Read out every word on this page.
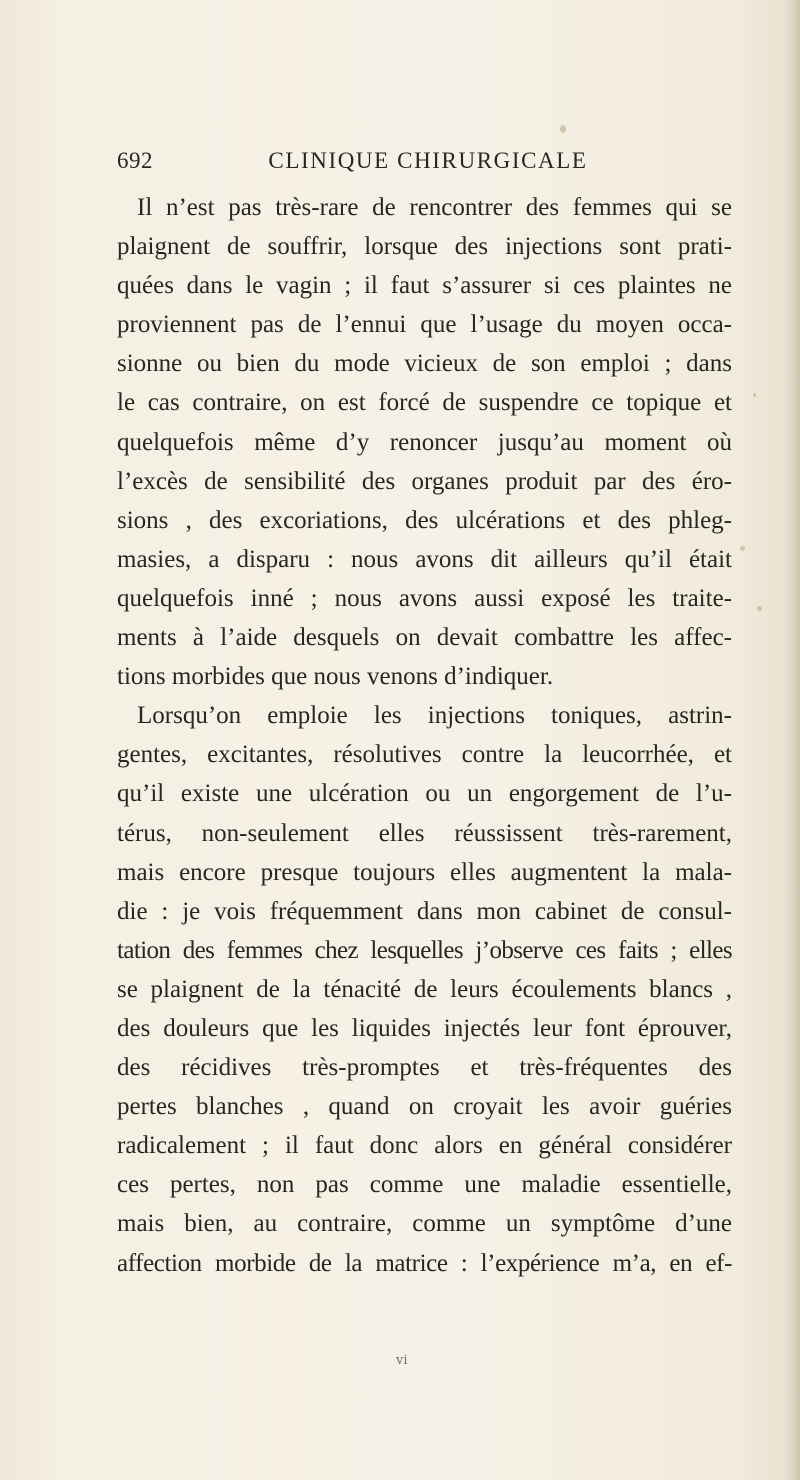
692	CLINIQUE CHIRURGICALE
Il n’est pas très-rare de rencontrer des femmes qui se
plaignent de souffrir, lorsque des injections sont prati-
quées dans le vagin ; il faut s’assurer si ces plaintes ne
proviennent pas de l’ennui que l’usage du moyen occa-
sionne ou bien du mode vicieux de son emploi ; dans
le cas contraire, on est forcé de suspendre ce topique et
quelquefois même d’y renoncer jusqu’au moment où
l’excès de sensibilité des organes produit par des éro-
sions , des excoriations, des ulcérations et des phleg-
masies, a disparu : nous avons dit ailleurs qu’il était
quelquefois inné ; nous avons aussi exposé les traite-
ments à l’aide desquels on devait combattre les affec-
tions morbides que nous venons d’indiquer.
Lorsqu’on emploie les injections toniques, astrin-
gentes, excitantes, résolutives contre la leucorrhée, et
qu’il existe une ulcération ou un engorgement de l’u-
térus, non-seulement elles réussissent très-rarement,
mais encore presque toujours elles augmentent la mala-
die : je vois fréquemment dans mon cabinet de consul-
tation des femmes chez lesquelles j’observe ces faits ; elles
se plaignent de la ténacité de leurs écoulements blancs ,
des douleurs que les liquides injectés leur font éprouver,
des récidives très-promptes et très-fréquentes des
pertes blanches , quand on croyait les avoir guéries
radicalement ; il faut donc alors en général considérer
ces pertes, non pas comme une maladie essentielle,
mais bien, au contraire, comme un symptôme d’une
affection morbide de la matrice : l’expérience m’a, en ef-
vi
